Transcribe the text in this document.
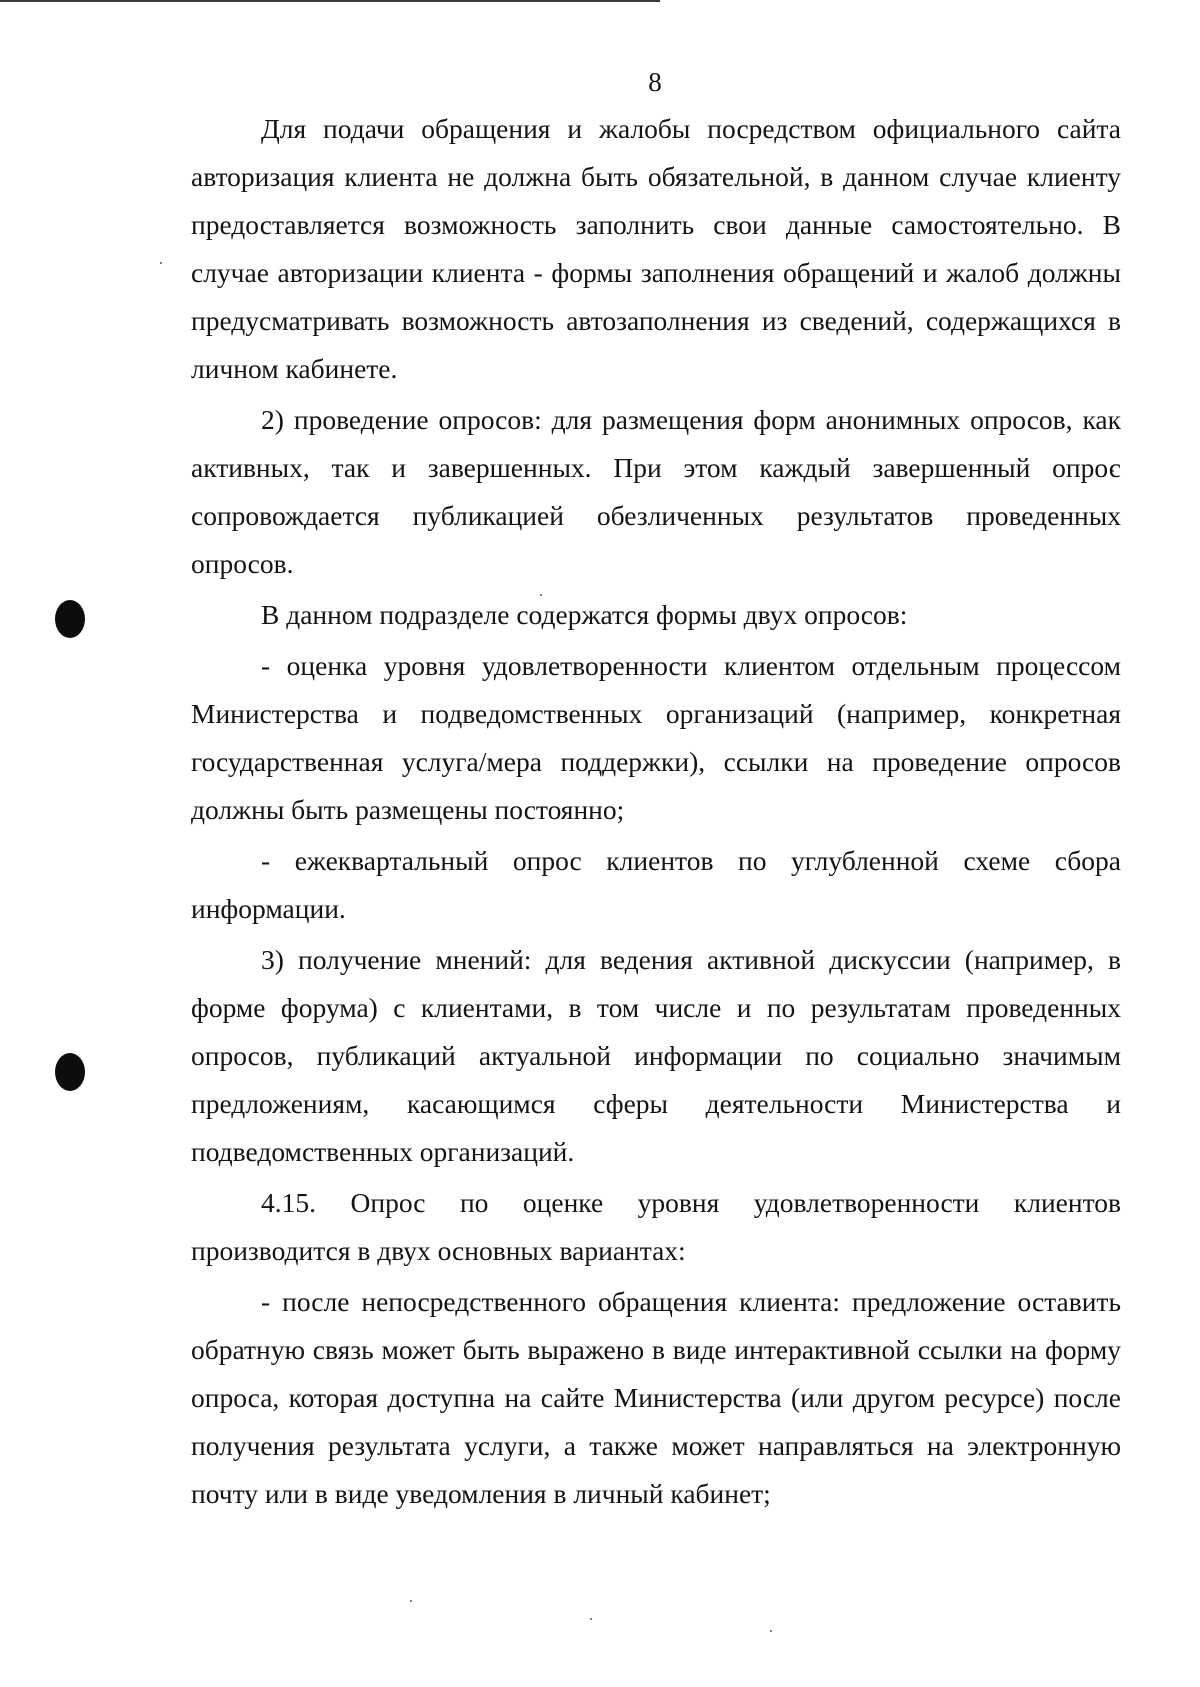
8

Для подачи обращения и жалобы посредством официального сайта авторизация клиента не должна быть обязательной, в данном случае клиенту предоставляется возможность заполнить свои данные самостоятельно. В случае авторизации клиента - формы заполнения обращений и жалоб должны предусматривать возможность автозаполнения из сведений, содержащихся в личном кабинете.

2) проведение опросов: для размещения форм анонимных опросов, как активных, так и завершенных. При этом каждый завершенный опрос сопровождается публикацией обезличенных результатов проведенных опросов.

В данном подразделе содержатся формы двух опросов:

- оценка уровня удовлетворенности клиентом отдельным процессом Министерства и подведомственных организаций (например, конкретная государственная услуга/мера поддержки), ссылки на проведение опросов должны быть размещены постоянно;

- ежеквартальный опрос клиентов по углубленной схеме сбора информации.

3) получение мнений: для ведения активной дискуссии (например, в форме форума) с клиентами, в том числе и по результатам проведенных опросов, публикаций актуальной информации по социально значимым предложениям, касающимся сферы деятельности Министерства и подведомственных организаций.

4.15. Опрос по оценке уровня удовлетворенности клиентов производится в двух основных вариантах:

- после непосредственного обращения клиента: предложение оставить обратную связь может быть выражено в виде интерактивной ссылки на форму опроса, которая доступна на сайте Министерства (или другом ресурсе) после получения результата услуги, а также может направляться на электронную почту или в виде уведомления в личный кабинет;
